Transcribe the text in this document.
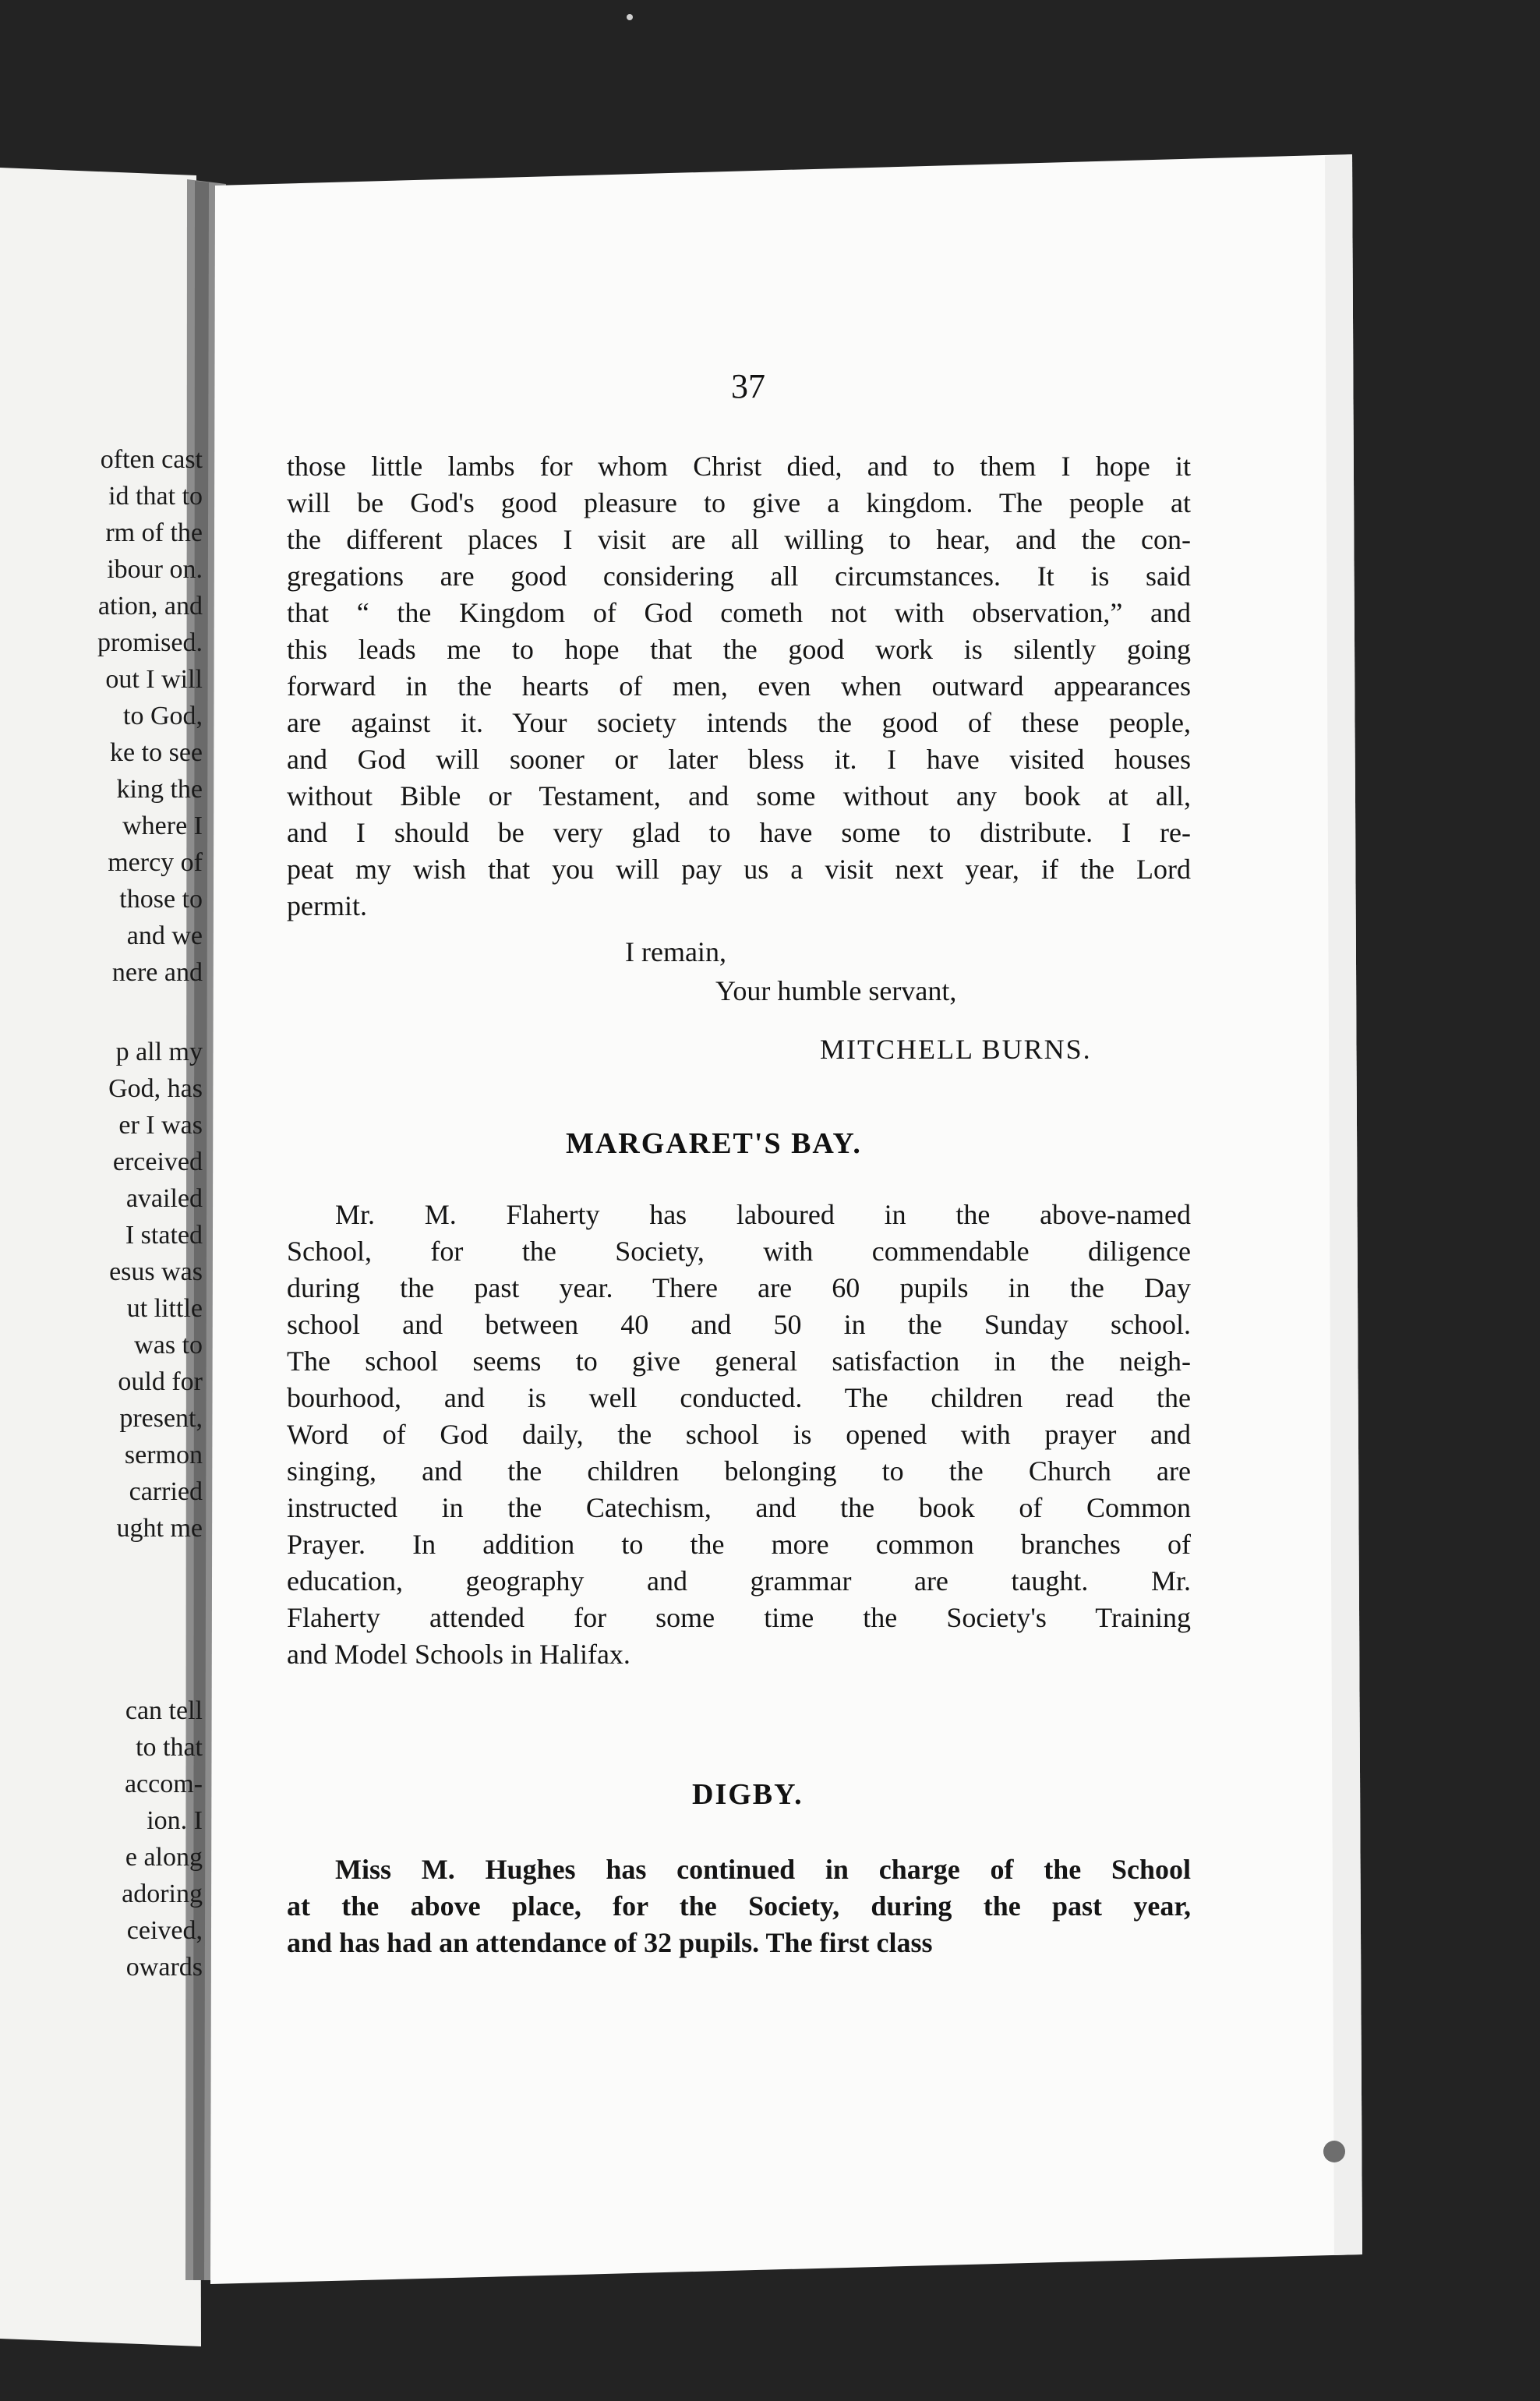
often cast
id that to
rm of the
ibour on.
ation, and
promised.
out I will
to God,
ke to see
king the
where I
mercy of
those to
and we
nere and
p all my
God, has
er I was
erceived
availed
I stated
esus was
ut little
was to
ould for
present,
sermon
carried
ught me
can tell
to that
accom-
ion. I
e along
adoring
ceived,
owards
37
those little lambs for whom Christ died, and to them I hope it
will be God's good pleasure to give a kingdom. The people at
the different places I visit are all willing to hear, and the con-
gregations are good considering all circumstances. It is said
that “ the Kingdom of God cometh not with observation,” and
this leads me to hope that the good work is silently going
forward in the hearts of men, even when outward appearances
are against it. Your society intends the good of these people,
and God will sooner or later bless it. I have visited houses
without Bible or Testament, and some without any book at all,
and I should be very glad to have some to distribute. I re-
peat my wish that you will pay us a visit next year, if the Lord
permit.
I remain,
Your humble servant,
MITCHELL BURNS.
MARGARET'S BAY.
Mr. M. Flaherty has laboured in the above-named
School, for the Society, with commendable diligence
during the past year. There are 60 pupils in the Day
school and between 40 and 50 in the Sunday school.
The school seems to give general satisfaction in the neigh-
bourhood, and is well conducted. The children read the
Word of God daily, the school is opened with prayer and
singing, and the children belonging to the Church are
instructed in the Catechism, and the book of Common
Prayer. In addition to the more common branches of
education, geography and grammar are taught. Mr.
Flaherty attended for some time the Society's Training
and Model Schools in Halifax.
DIGBY.
Miss M. Hughes has continued in charge of the School
at the above place, for the Society, during the past year,
and has had an attendance of 32 pupils. The first class
